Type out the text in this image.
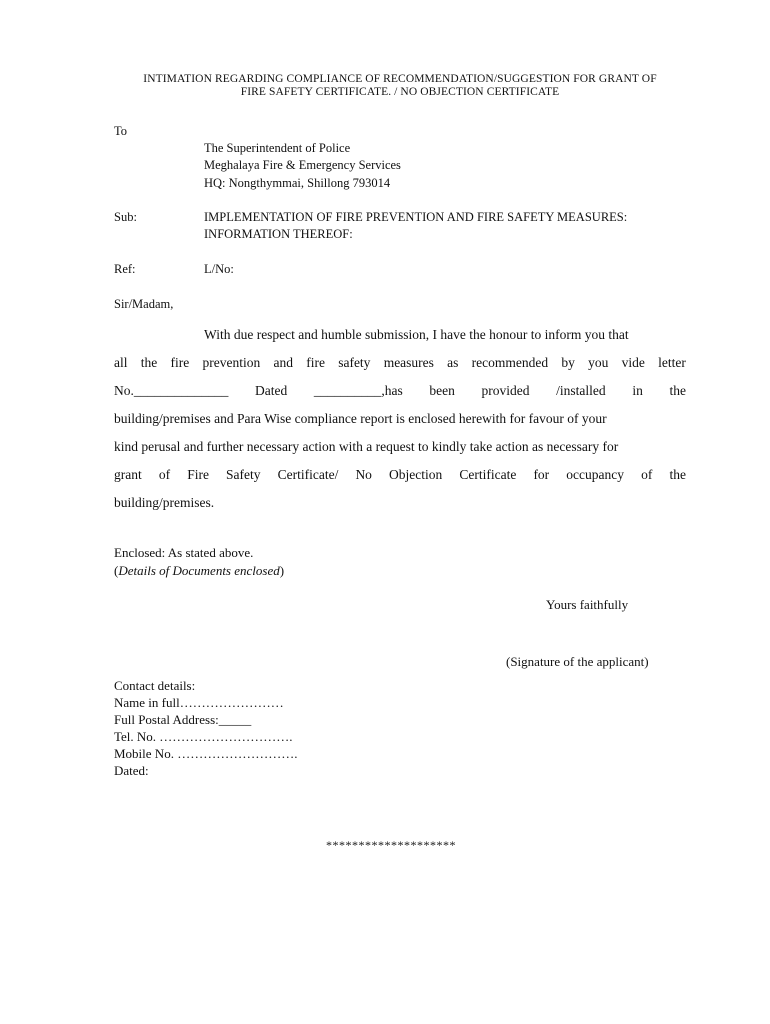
INTIMATION REGARDING COMPLIANCE OF RECOMMENDATION/SUGGESTION FOR GRANT OF
FIRE SAFETY CERTIFICATE. / NO OBJECTION CERTIFICATE
To
The Superintendent of Police
Meghalaya Fire & Emergency Services
HQ: Nongthymmai, Shillong 793014
Sub:	IMPLEMENTATION OF FIRE PREVENTION AND FIRE SAFETY MEASURES:
INFORMATION THEREOF:
Ref:	L/No:
Sir/Madam,
With due respect and humble submission, I have the honour to inform you that
all the fire prevention and fire safety measures as recommended by you vide letter
No.______________ Dated __________,has been provided /installed in the
building/premises and Para Wise compliance report is enclosed herewith for favour of your
kind perusal and further necessary action with a request to kindly take action as necessary for
grant of Fire Safety Certificate/ No Objection Certificate for occupancy of the
building/premises.
Enclosed: As stated above.
(Details of Documents enclosed)
Yours faithfully
(Signature of the applicant)
Contact details:
Name in full……………………
Full Postal Address:_____
Tel. No. ………………………….
Mobile No. ……………………….
Dated:
********************
